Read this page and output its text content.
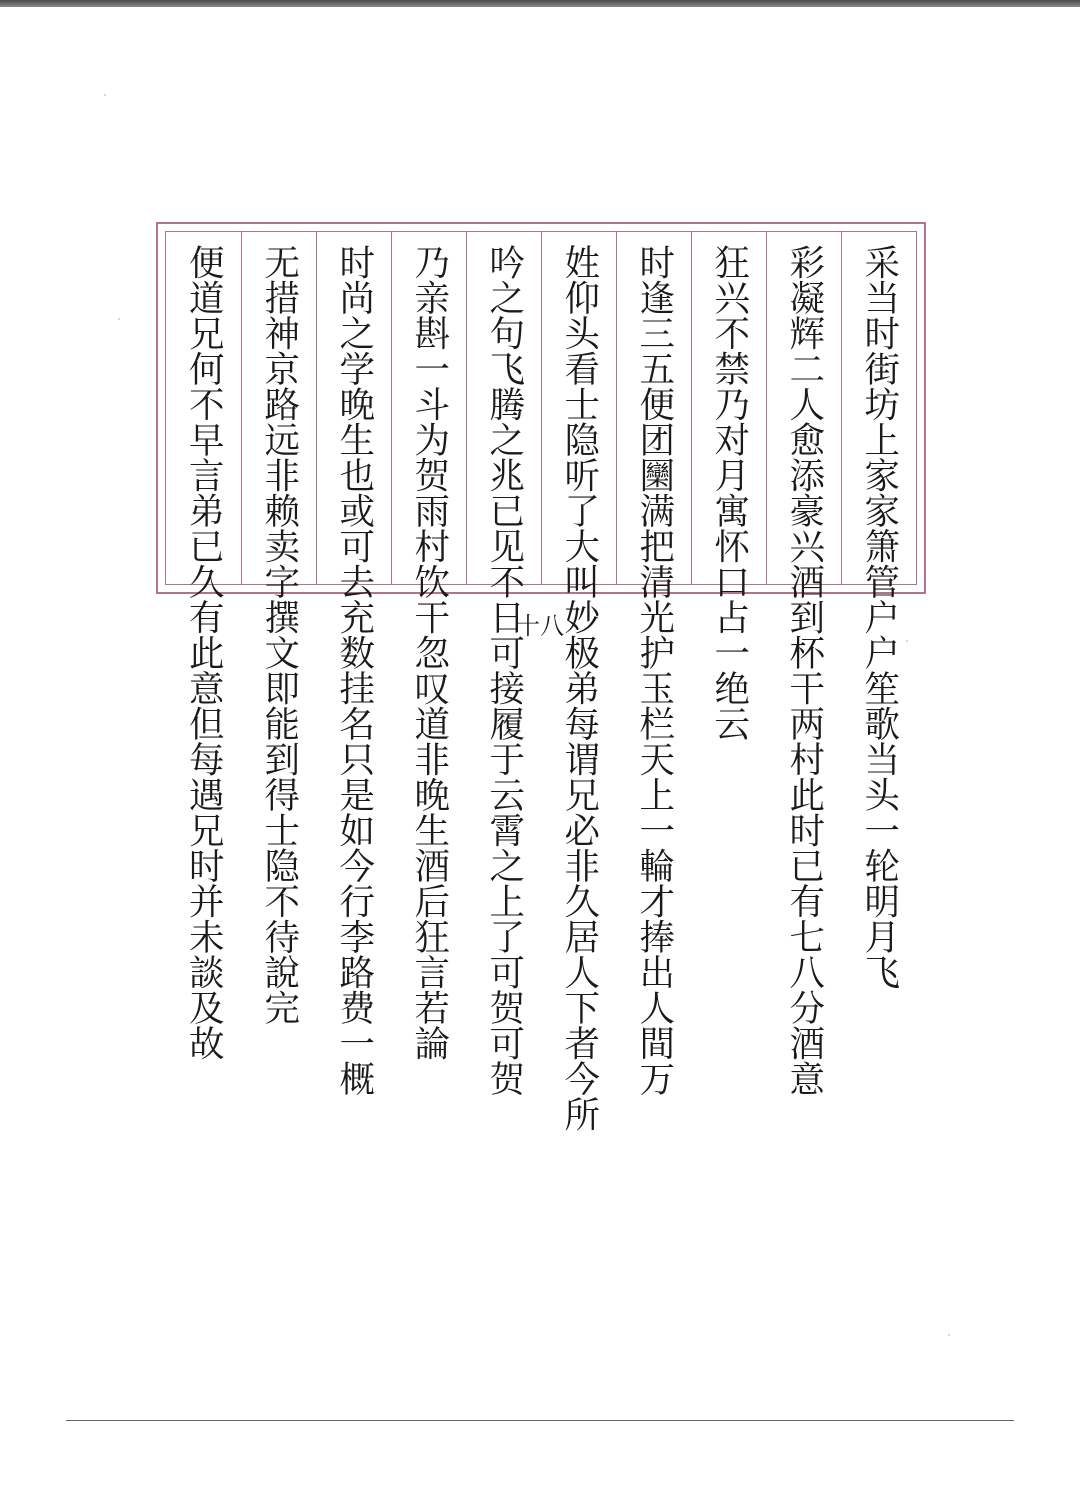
采当时街坊上家家箫管户户笙歌当头一轮明月飞
彩凝辉二人愈添豪兴酒到杯干两村此时已有七八分酒意
狂兴不禁乃对月寓怀口占一绝云
时逢三五便团圞满把清光护玉栏天上一輪才捧出人間万
姓仰头看士隐听了大叫妙极弟每谓兄必非久居人下者今所
吟之句飞腾之兆已见不日可接履于云霄之上了可贺可贺
乃亲斟一斗为贺雨村饮干忽叹道非晚生酒后狂言若論
时尚之学晚生也或可去充数挂名只是如今行李路费一概
无措神京路远非赖卖字撰文即能到得士隐不待說完
便道兄何不早言弟已久有此意但每遇兄时并未談及故	十八
